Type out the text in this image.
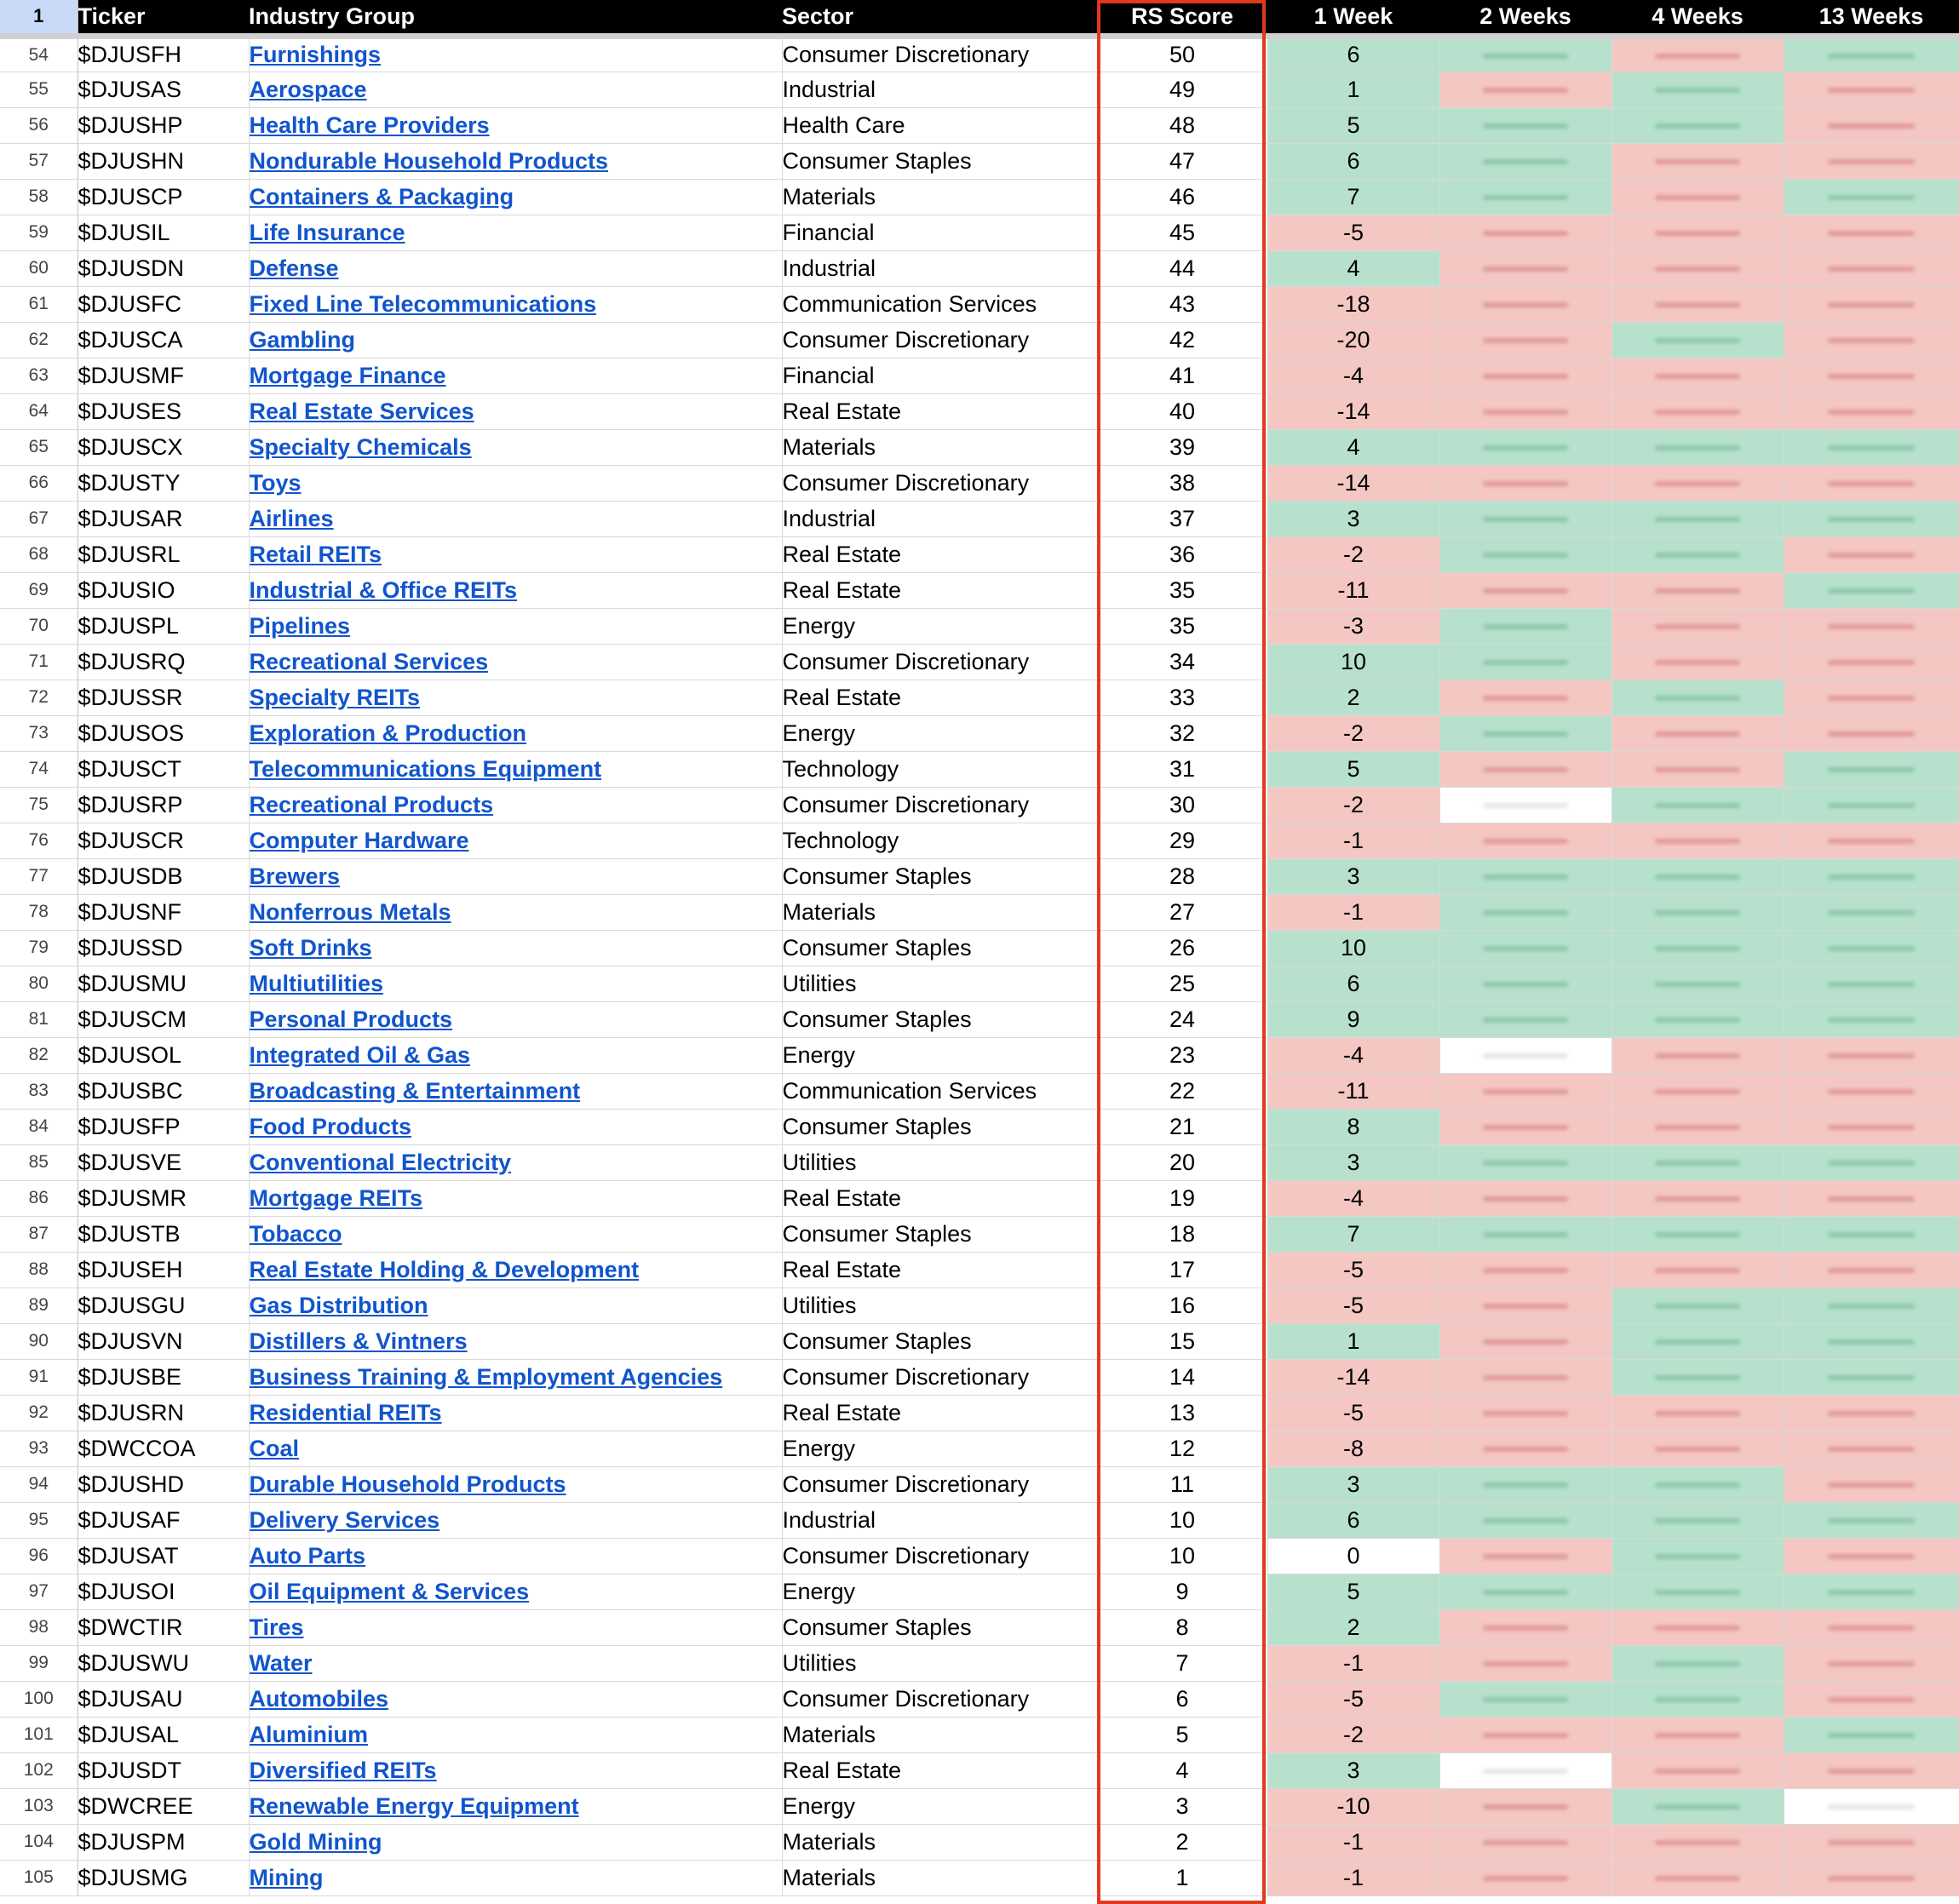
1	Ticker	Industry Group	Sector	RS Score	1 Week	2 Weeks	4 Weeks	13 Weeks
54	$DJUSFH	Furnishings	Consumer Discretionary	50	6	

55	$DJUSAS	Aerospace	Industrial	49	1	

56	$DJUSHP	Health Care Providers	Health Care	48	5	

57	$DJUSHN	Nondurable Household Products	Consumer Staples	47	6	

58	$DJUSCP	Containers & Packaging	Materials	46	7	

59	$DJUSIL	Life Insurance	Financial	45	-5	

60	$DJUSDN	Defense	Industrial	44	4	

61	$DJUSFC	Fixed Line Telecommunications	Communication Services	43	-18	

62	$DJUSCA	Gambling	Consumer Discretionary	42	-20	

63	$DJUSMF	Mortgage Finance	Financial	41	-4	

64	$DJUSES	Real Estate Services	Real Estate	40	-14	

65	$DJUSCX	Specialty Chemicals	Materials	39	4	

66	$DJUSTY	Toys	Consumer Discretionary	38	-14	

67	$DJUSAR	Airlines	Industrial	37	3	

68	$DJUSRL	Retail REITs	Real Estate	36	-2	

69	$DJUSIO	Industrial & Office REITs	Real Estate	35	-11	

70	$DJUSPL	Pipelines	Energy	35	-3	

71	$DJUSRQ	Recreational Services	Consumer Discretionary	34	10	

72	$DJUSSR	Specialty REITs	Real Estate	33	2	

73	$DJUSOS	Exploration & Production	Energy	32	-2	

74	$DJUSCT	Telecommunications Equipment	Technology	31	5	

75	$DJUSRP	Recreational Products	Consumer Discretionary	30	-2	

76	$DJUSCR	Computer Hardware	Technology	29	-1	

77	$DJUSDB	Brewers	Consumer Staples	28	3	

78	$DJUSNF	Nonferrous Metals	Materials	27	-1	

79	$DJUSSD	Soft Drinks	Consumer Staples	26	10	

80	$DJUSMU	Multiutilities	Utilities	25	6	

81	$DJUSCM	Personal Products	Consumer Staples	24	9	

82	$DJUSOL	Integrated Oil & Gas	Energy	23	-4	

83	$DJUSBC	Broadcasting & Entertainment	Communication Services	22	-11	

84	$DJUSFP	Food Products	Consumer Staples	21	8	

85	$DJUSVE	Conventional Electricity	Utilities	20	3	

86	$DJUSMR	Mortgage REITs	Real Estate	19	-4	

87	$DJUSTB	Tobacco	Consumer Staples	18	7	

88	$DJUSEH	Real Estate Holding & Development	Real Estate	17	-5	

89	$DJUSGU	Gas Distribution	Utilities	16	-5	

90	$DJUSVN	Distillers & Vintners	Consumer Staples	15	1	

91	$DJUSBE	Business Training & Employment Agencies	Consumer Discretionary	14	-14	

92	$DJUSRN	Residential REITs	Real Estate	13	-5	

93	$DWCCOA	Coal	Energy	12	-8	

94	$DJUSHD	Durable Household Products	Consumer Discretionary	11	3	

95	$DJUSAF	Delivery Services	Industrial	10	6	

96	$DJUSAT	Auto Parts	Consumer Discretionary	10	0	

97	$DJUSOI	Oil Equipment & Services	Energy	9	5	

98	$DWCTIR	Tires	Consumer Staples	8	2	

99	$DJUSWU	Water	Utilities	7	-1	

100	$DJUSAU	Automobiles	Consumer Discretionary	6	-5	

101	$DJUSAL	Aluminium	Materials	5	-2	

102	$DJUSDT	Diversified REITs	Real Estate	4	3	

103	$DWCREE	Renewable Energy Equipment	Energy	3	-10	

104	$DJUSPM	Gold Mining	Materials	2	-1	

105	$DJUSMG	Mining	Materials	1	-1	
